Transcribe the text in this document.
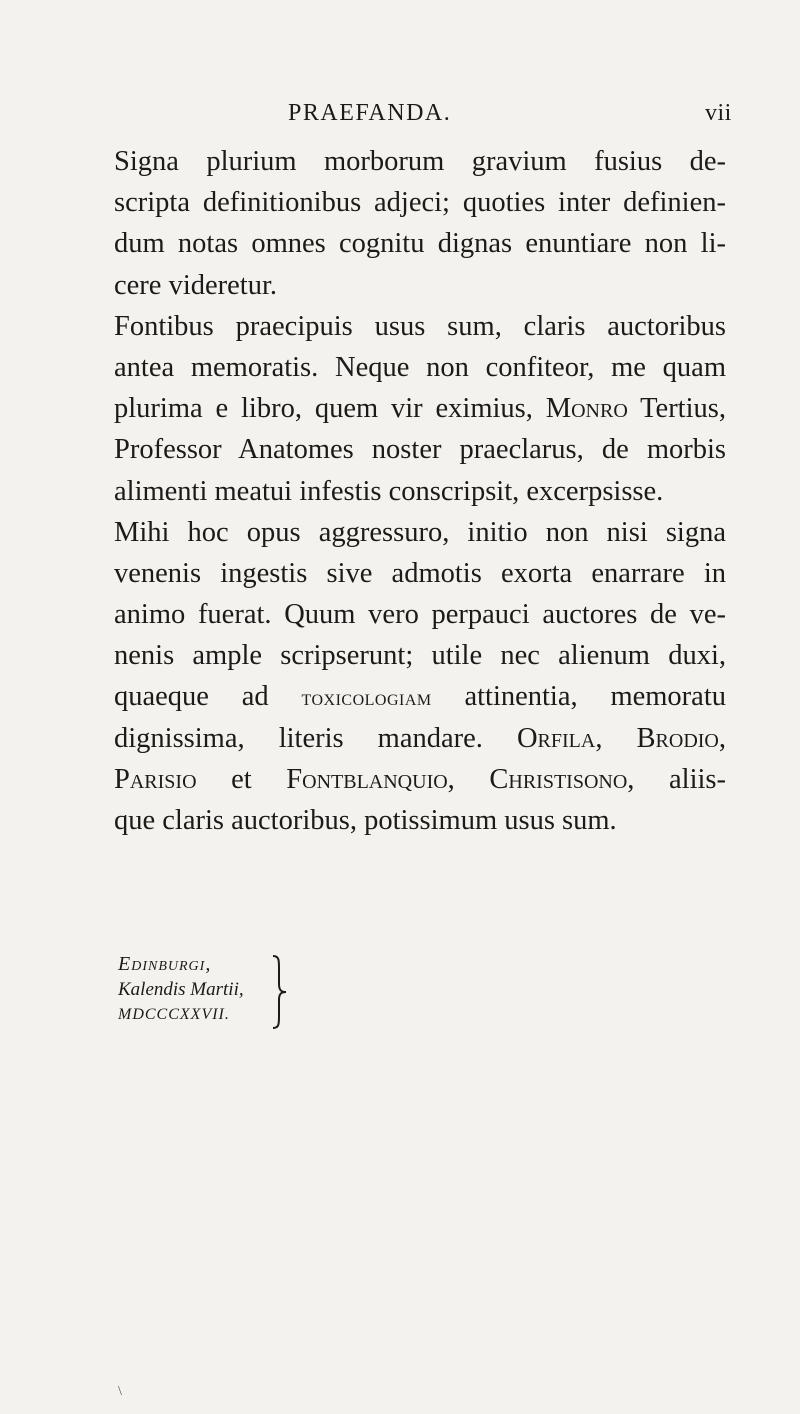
PRAEFANDA.	vii
Signa plurium morborum gravium fusius de-
scripta definitionibus adjeci; quoties inter definien-
dum notas omnes cognitu dignas enuntiare non li-
cere videretur.
Fontibus praecipuis usus sum, claris auctoribus
antea memoratis. Neque non confiteor, me quam
plurima e libro, quem vir eximius, Monro Tertius,
Professor Anatomes noster praeclarus, de morbis
alimenti meatui infestis conscripsit, excerpsisse.
Mihi hoc opus aggressuro, initio non nisi signa
venenis ingestis sive admotis exorta enarrare in
animo fuerat. Quum vero perpauci auctores de ve-
nenis ample scripserunt; utile nec alienum duxi,
quaeque ad toxicologiam attinentia, memoratu
dignissima, literis mandare. Orfila, Brodio,
Parisio et Fontblanquio, Christisono, aliis-
que claris auctoribus, potissimum usus sum.
Edinburgi,
Kalendis Martii,
MDCCCXXVII.
\
